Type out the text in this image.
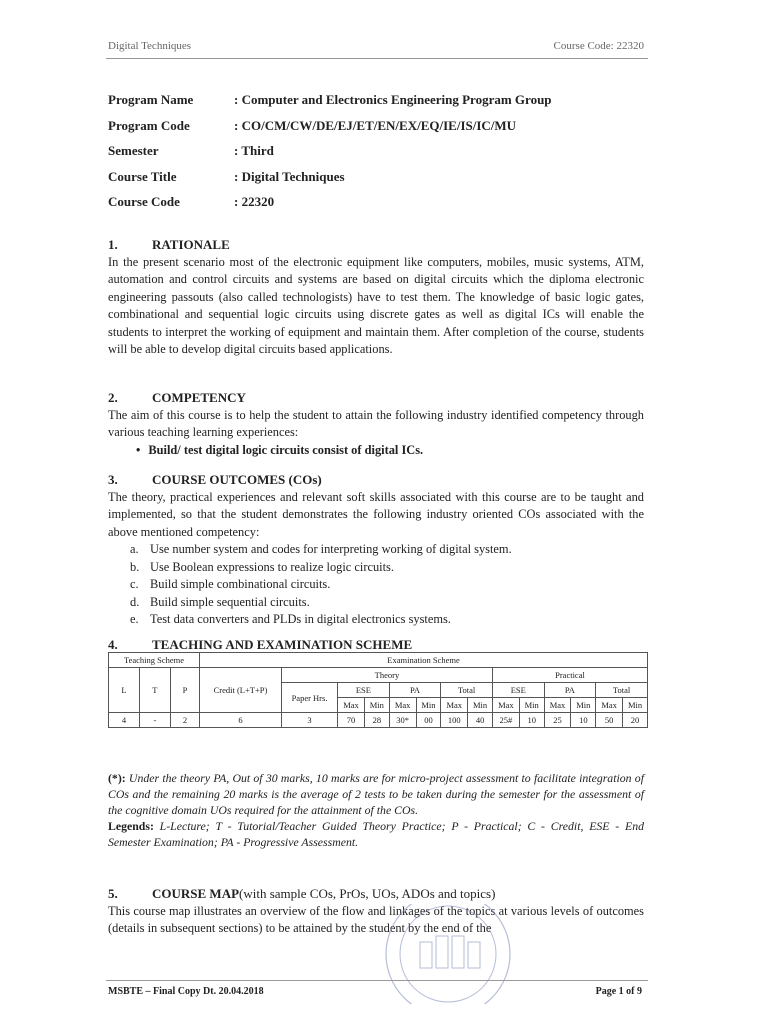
Digital Techniques	Course Code: 22320
Program Name	: Computer and Electronics Engineering Program Group
Program Code	: CO/CM/CW/DE/EJ/ET/EN/EX/EQ/IE/IS/IC/MU
Semester	: Third
Course Title	: Digital Techniques
Course Code	: 22320
1.	RATIONALE
In the present scenario most of the electronic equipment like computers, mobiles, music systems, ATM, automation and control circuits and systems are based on digital circuits which the diploma electronic engineering passouts (also called technologists) have to test them. The knowledge of basic logic gates, combinational and sequential logic circuits using discrete gates as well as digital ICs will enable the students to interpret the working of equipment and maintain them. After completion of the course, students will be able to develop digital circuits based applications.
2.	COMPETENCY
The aim of this course is to help the student to attain the following industry identified competency through various teaching learning experiences:
• Build/ test digital logic circuits consist of digital ICs.
3.	COURSE OUTCOMES (COs)
The theory, practical experiences and relevant soft skills associated with this course are to be taught and implemented, so that the student demonstrates the following industry oriented COs associated with the above mentioned competency:
a. Use number system and codes for interpreting working of digital system.
b. Use Boolean expressions to realize logic circuits.
c. Build simple combinational circuits.
d. Build simple sequential circuits.
e. Test data converters and PLDs in digital electronics systems.
4.	TEACHING AND EXAMINATION SCHEME
Teaching Scheme			Examination Scheme													
L	T	P	Credit (L+T+P)	Theory							Practical					
				Paper Hrs.	ESE		PA		Total		ESE		PA		Total	
					Max	Min	Max	Min	Max	Min	Max	Min	Max	Min	Max	Min
4	-	2	6	3	70	28	30*	00	100	40	25#	10	25	10	50	20
(*): Under the theory PA, Out of 30 marks, 10 marks are for micro-project assessment to facilitate integration of COs and the remaining 20 marks is the average of 2 tests to be taken during the semester for the assessment of the cognitive domain UOs required for the attainment of the COs.
Legends: L-Lecture; T - Tutorial/Teacher Guided Theory Practice; P - Practical; C - Credit, ESE - End Semester Examination; PA - Progressive Assessment.
5.	COURSE MAP (with sample COs, PrOs, UOs, ADOs and topics)
This course map illustrates an overview of the flow and linkages of the topics at various levels of outcomes (details in subsequent sections) to be attained by the student by the end of the
MSBTE – Final Copy Dt. 20.04.2018	Page 1 of 9
